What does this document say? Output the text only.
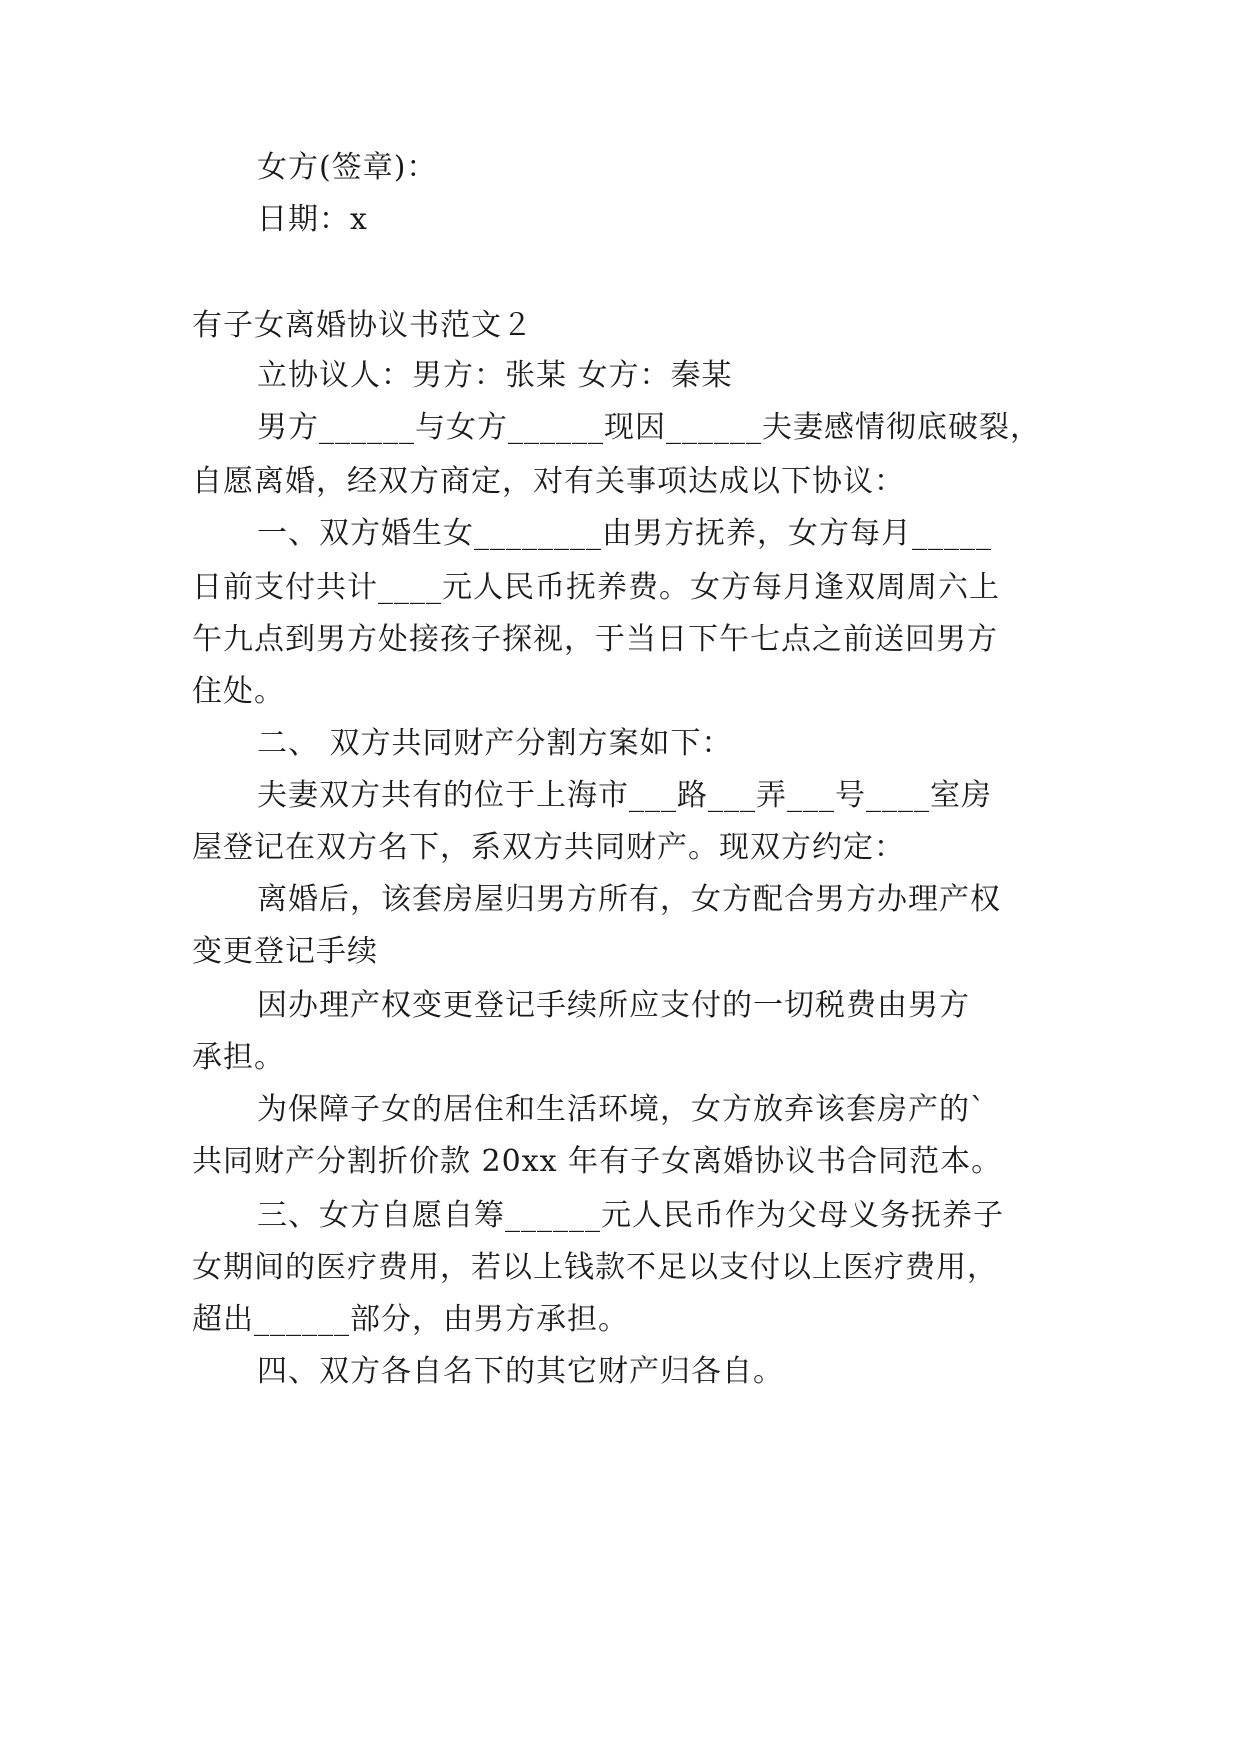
女方(签章)：
日期：x
有子女离婚协议书范文２
立协议人：男方：张某 女方：秦某
男方______与女方______现因______夫妻感情彻底破裂，
自愿离婚，经双方商定，对有关事项达成以下协议：
一、双方婚生女________由男方抚养，女方每月_____
日前支付共计____元人民币抚养费。女方每月逢双周周六上
午九点到男方处接孩子探视，于当日下午七点之前送回男方
住处。
二、 双方共同财产分割方案如下：
夫妻双方共有的位于上海市___路___弄___号____室房
屋登记在双方名下，系双方共同财产。现双方约定：
离婚后，该套房屋归男方所有，女方配合男方办理产权
变更登记手续
因办理产权变更登记手续所应支付的一切税费由男方
承担。
为保障子女的居住和生活环境，女方放弃该套房产的`
共同财产分割折价款 20xx 年有子女离婚协议书合同范本。
三、女方自愿自筹______元人民币作为父母义务抚养子
女期间的医疗费用，若以上钱款不足以支付以上医疗费用，
超出______部分，由男方承担。
四、双方各自名下的其它财产归各自。
